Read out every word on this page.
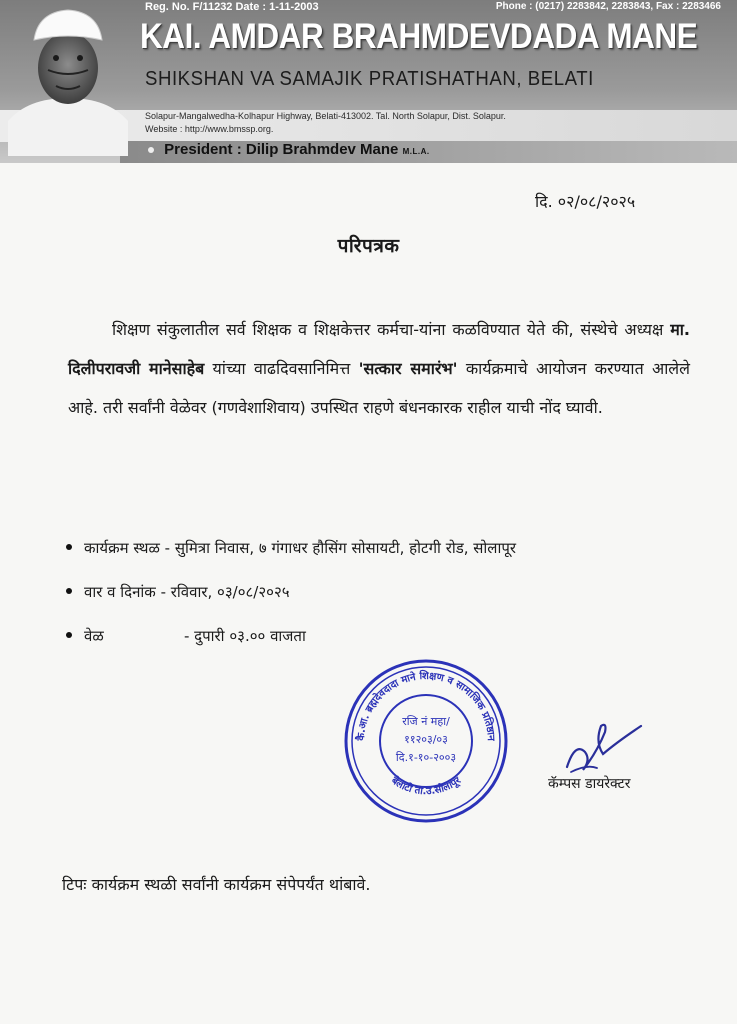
Reg. No. F/11232 Date : 1-11-2003	Phone : (0217) 2283842, 2283843, Fax : 2283466
KAI. AMDAR BRAHMDEVDADA MANE
SHIKSHAN VA SAMAJIK PRATISHATHAN, BELATI
Solapur-Mangalwedha-Kolhapur Highway, Belati-413002. Tal. North Solapur, Dist. Solapur.
Website : http://www.bmssp.org.
President : Dilip Brahmdev Mane M.L.A.
दि. ०२/०८/२०२५
परिपत्रक
शिक्षण संकुलातील सर्व शिक्षक व शिक्षकेत्तर कर्मचा-यांना कळविण्यात येते की, संस्थेचे अध्यक्ष मा. दिलीपरावजी मानेसाहेब यांच्या वाढदिवसानिमित्त 'सत्कार समारंभ' कार्यक्रमाचे आयोजन करण्यात आलेले आहे. तरी सर्वांनी वेळेवर (गणवेशाशिवाय) उपस्थित राहणे बंधनकारक राहील याची नोंद घ्यावी.
कार्यक्रम स्थळ - सुमित्रा निवास, ७ गंगाधर हौसिंग सोसायटी, होटगी रोड, सोलापूर
वार व दिनांक - रविवार, ०३/०८/२०२५
वेळ	- दुपारी ०३.०० वाजता
कै.आ. ब्रह्मदेवदादा माने शिक्षण व सामाजिक प्रतिष्ठान
बेलाटी ता.उ.सोलापूर
रजि नं महा/
११२०३/०३
दि.१-१०-२००३
कॅम्पस डायरेक्टर
टिपः कार्यक्रम स्थळी सर्वांनी कार्यक्रम संपेपर्यंत थांबावे.
